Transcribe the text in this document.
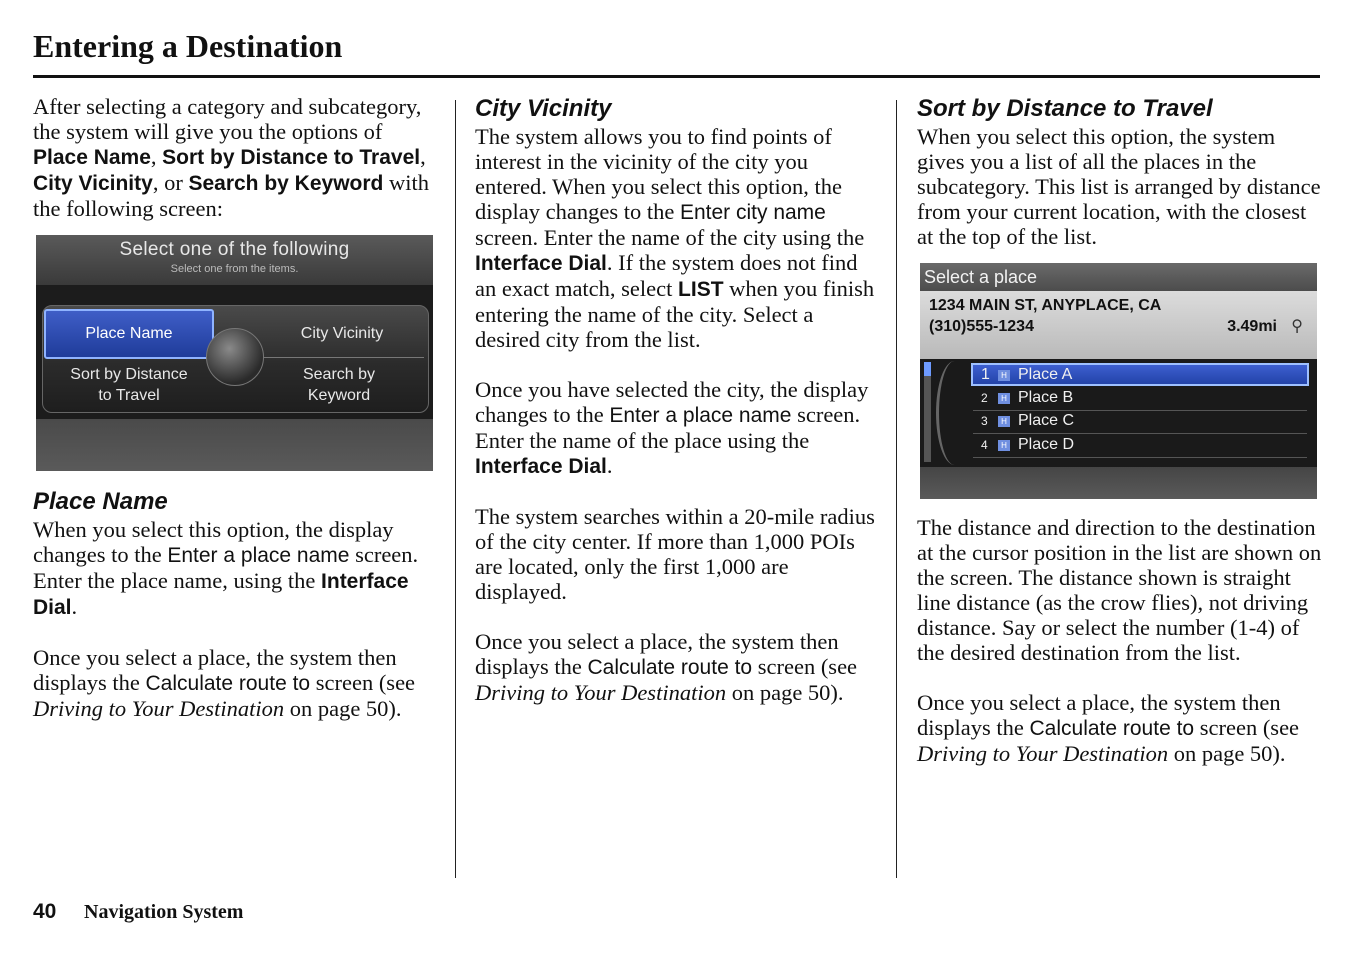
Entering a Destination

After selecting a category and subcategory, the system will give you the options of Place Name, Sort by Distance to Travel, City Vicinity, or Search by Keyword with the following screen:

Select one of the following
Select one from the items.
Place Name	City Vicinity
Sort by Distance
to Travel
Search by
Keyword
Place Name

When you select this option, the display changes to the Enter a place name screen. Enter the place name, using the Interface Dial.

Once you select a place, the system then displays the Calculate route to screen (see Driving to Your Destination on page 50).

City Vicinity

The system allows you to find points of interest in the vicinity of the city you entered. When you select this option, the display changes to the Enter city name screen. Enter the name of the city using the Interface Dial. If the system does not find an exact match, select LIST when you finish entering the name of the city. Select a desired city from the list.

Once you have selected the city, the display changes to the Enter a place name screen. Enter the name of the place using the Interface Dial.

The system searches within a 20-mile radius of the city center. If more than 1,000 POIs are located, only the first 1,000 are displayed.

Once you select a place, the system then displays the Calculate route to screen (see Driving to Your Destination on page 50).

Sort by Distance to Travel

When you select this option, the system gives you a list of all the places in the subcategory. This list is arranged by distance from your current location, with the closest at the top of the list.

Select a place
1234 MAIN ST, ANYPLACE, CA
(310)555-1234	3.49mi ⚲
1	H Place A
2	H Place B
3	H Place C
4	H Place D

The distance and direction to the destination at the cursor position in the list are shown on the screen. The distance shown is straight line distance (as the crow flies), not driving distance. Say or select the number (1-4) of the desired destination from the list.

Once you select a place, the system then displays the Calculate route to screen (see Driving to Your Destination on page 50).

40 Navigation System
